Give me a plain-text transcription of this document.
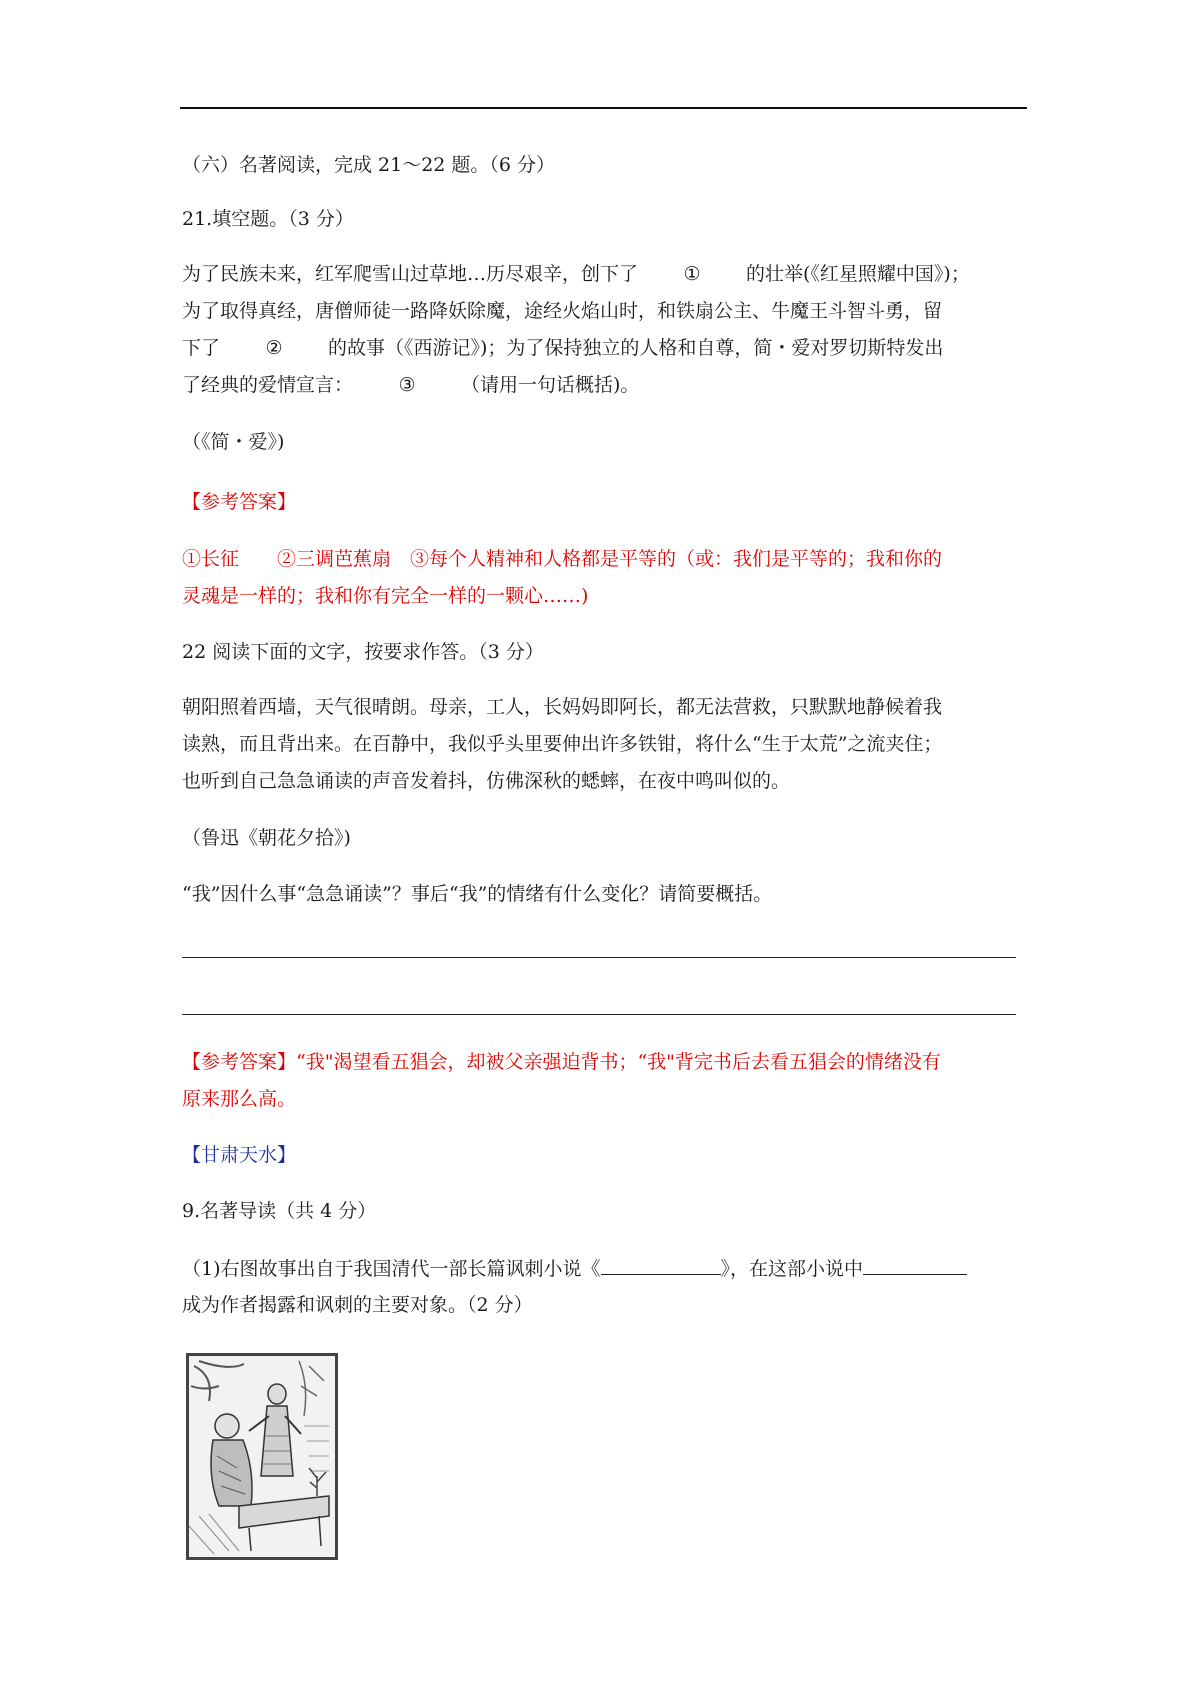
（六）名著阅读，完成 21～22 题。（6 分）

21.填空题。（3 分）

为了民族未来，红军爬雪山过草地…历尽艰辛，创下了 ① 的壮举(《红星照耀中国》)；

为了取得真经，唐僧师徒一路降妖除魔，途经火焰山时，和铁扇公主、牛魔王斗智斗勇，留

下了 ② 的故事（《西游记》)；为了保持独立的人格和自尊，简・爱对罗切斯特发出

了经典的爱情宣言： ③ （请用一句话概括)。

（《简・爱》)

【参考答案】

①长征　　②三调芭蕉扇　③每个人精神和人格都是平等的（或：我们是平等的；我和你的

灵魂是一样的；我和你有完全一样的一颗心……)

22 阅读下面的文字，按要求作答。（3 分）

朝阳照着西墙，天气很晴朗。母亲，工人，长妈妈即阿长，都无法营救，只默默地静候着我

读熟，而且背出来。在百静中，我似乎头里要伸出许多铁钳，将什么“生于太荒”之流夹住；

也听到自己急急诵读的声音发着抖，仿佛深秋的蟋蟀，在夜中鸣叫似的。

（鲁迅《朝花夕拾》)

“我”因什么事“急急诵读”？事后“我”的情绪有什么变化？请简要概括。

【参考答案】“我"渴望看五猖会，却被父亲强迫背书；“我"背完书后去看五猖会的情绪没有

原来那么高。

【甘肃天水】

9.名著导读（共 4 分）

（1)右图故事出自于我国清代一部长篇讽刺小说《	》，在这部小说中

成为作者揭露和讽刺的主要对象。（2 分）
